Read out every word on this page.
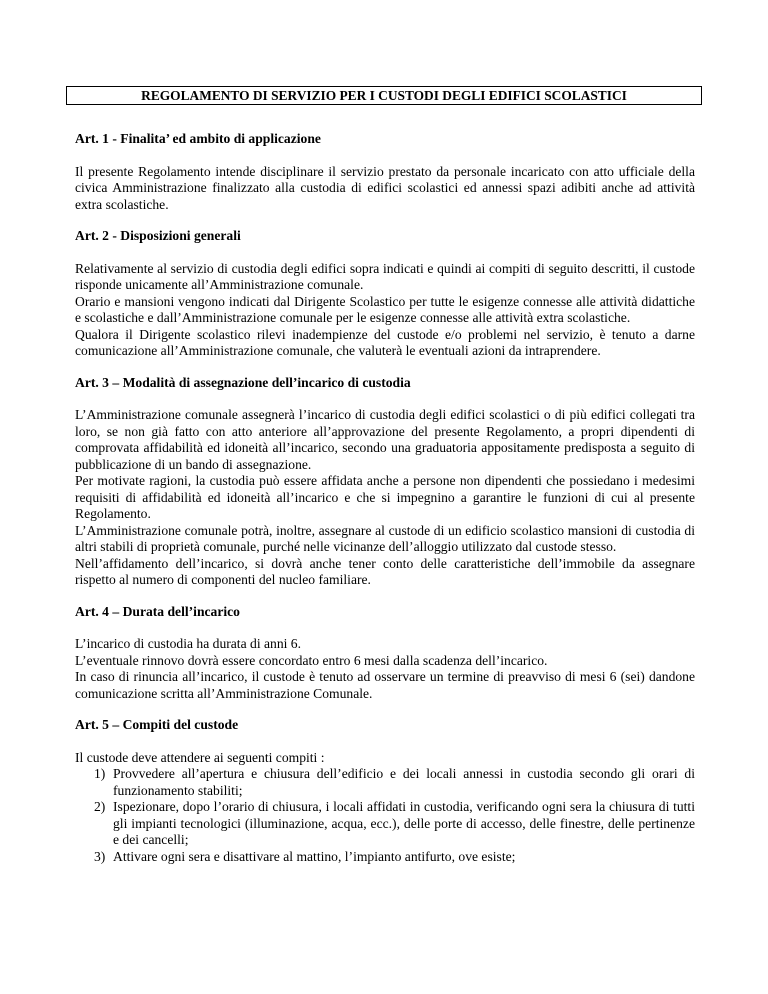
REGOLAMENTO DI SERVIZIO PER I CUSTODI DEGLI EDIFICI SCOLASTICI
Art. 1 - Finalita’ ed ambito di applicazione

Il presente Regolamento intende disciplinare il servizio prestato da personale incaricato con atto ufficiale della civica Amministrazione finalizzato alla custodia di edifici scolastici ed annessi spazi adibiti anche ad attività extra scolastiche.

Art. 2 - Disposizioni generali

Relativamente al servizio di custodia degli edifici sopra indicati e quindi ai compiti di seguito descritti, il custode risponde unicamente all’Amministrazione comunale.

Orario e mansioni vengono indicati dal Dirigente Scolastico per tutte le esigenze connesse alle attività didattiche e scolastiche e dall’Amministrazione comunale per le esigenze connesse alle attività extra scolastiche.

Qualora il Dirigente scolastico rilevi inadempienze del custode e/o problemi nel servizio, è tenuto a darne comunicazione all’Amministrazione comunale, che valuterà le eventuali azioni da intraprendere.

Art. 3 – Modalità di assegnazione dell’incarico di custodia

L’Amministrazione comunale assegnerà l’incarico di custodia degli edifici scolastici o di più edifici collegati tra loro, se non già fatto con atto anteriore all’approvazione del presente Regolamento, a propri dipendenti di comprovata affidabilità ed idoneità all’incarico, secondo una graduatoria appositamente predisposta a seguito di pubblicazione di un bando di assegnazione.

Per motivate ragioni, la custodia può essere affidata anche a persone non dipendenti che possiedano i medesimi requisiti di affidabilità ed idoneità all’incarico e che si impegnino a garantire le funzioni di cui al presente Regolamento.

L’Amministrazione comunale potrà, inoltre, assegnare al custode di un edificio scolastico mansioni di custodia di altri stabili di proprietà comunale, purché nelle vicinanze dell’alloggio utilizzato dal custode stesso.

Nell’affidamento dell’incarico, si dovrà anche tener conto delle caratteristiche dell’immobile da assegnare rispetto al numero di componenti del nucleo familiare.

Art. 4 – Durata dell’incarico

L’incarico di custodia ha durata di anni 6.

L’eventuale rinnovo dovrà essere concordato entro 6 mesi dalla scadenza dell’incarico.

In caso di rinuncia all’incarico, il custode è tenuto ad osservare un termine di preavviso di mesi 6 (sei) dandone comunicazione scritta all’Amministrazione Comunale.

Art. 5 – Compiti del custode

Il custode deve attendere ai seguenti compiti :

1) Provvedere all’apertura e chiusura dell’edificio e dei locali annessi in custodia secondo gli orari di funzionamento stabiliti;
2) Ispezionare, dopo l’orario di chiusura, i locali affidati in custodia, verificando ogni sera la chiusura di tutti gli impianti tecnologici (illuminazione, acqua, ecc.), delle porte di accesso, delle finestre, delle pertinenze e dei cancelli;
3) Attivare ogni sera e disattivare al mattino, l’impianto antifurto, ove esiste;
